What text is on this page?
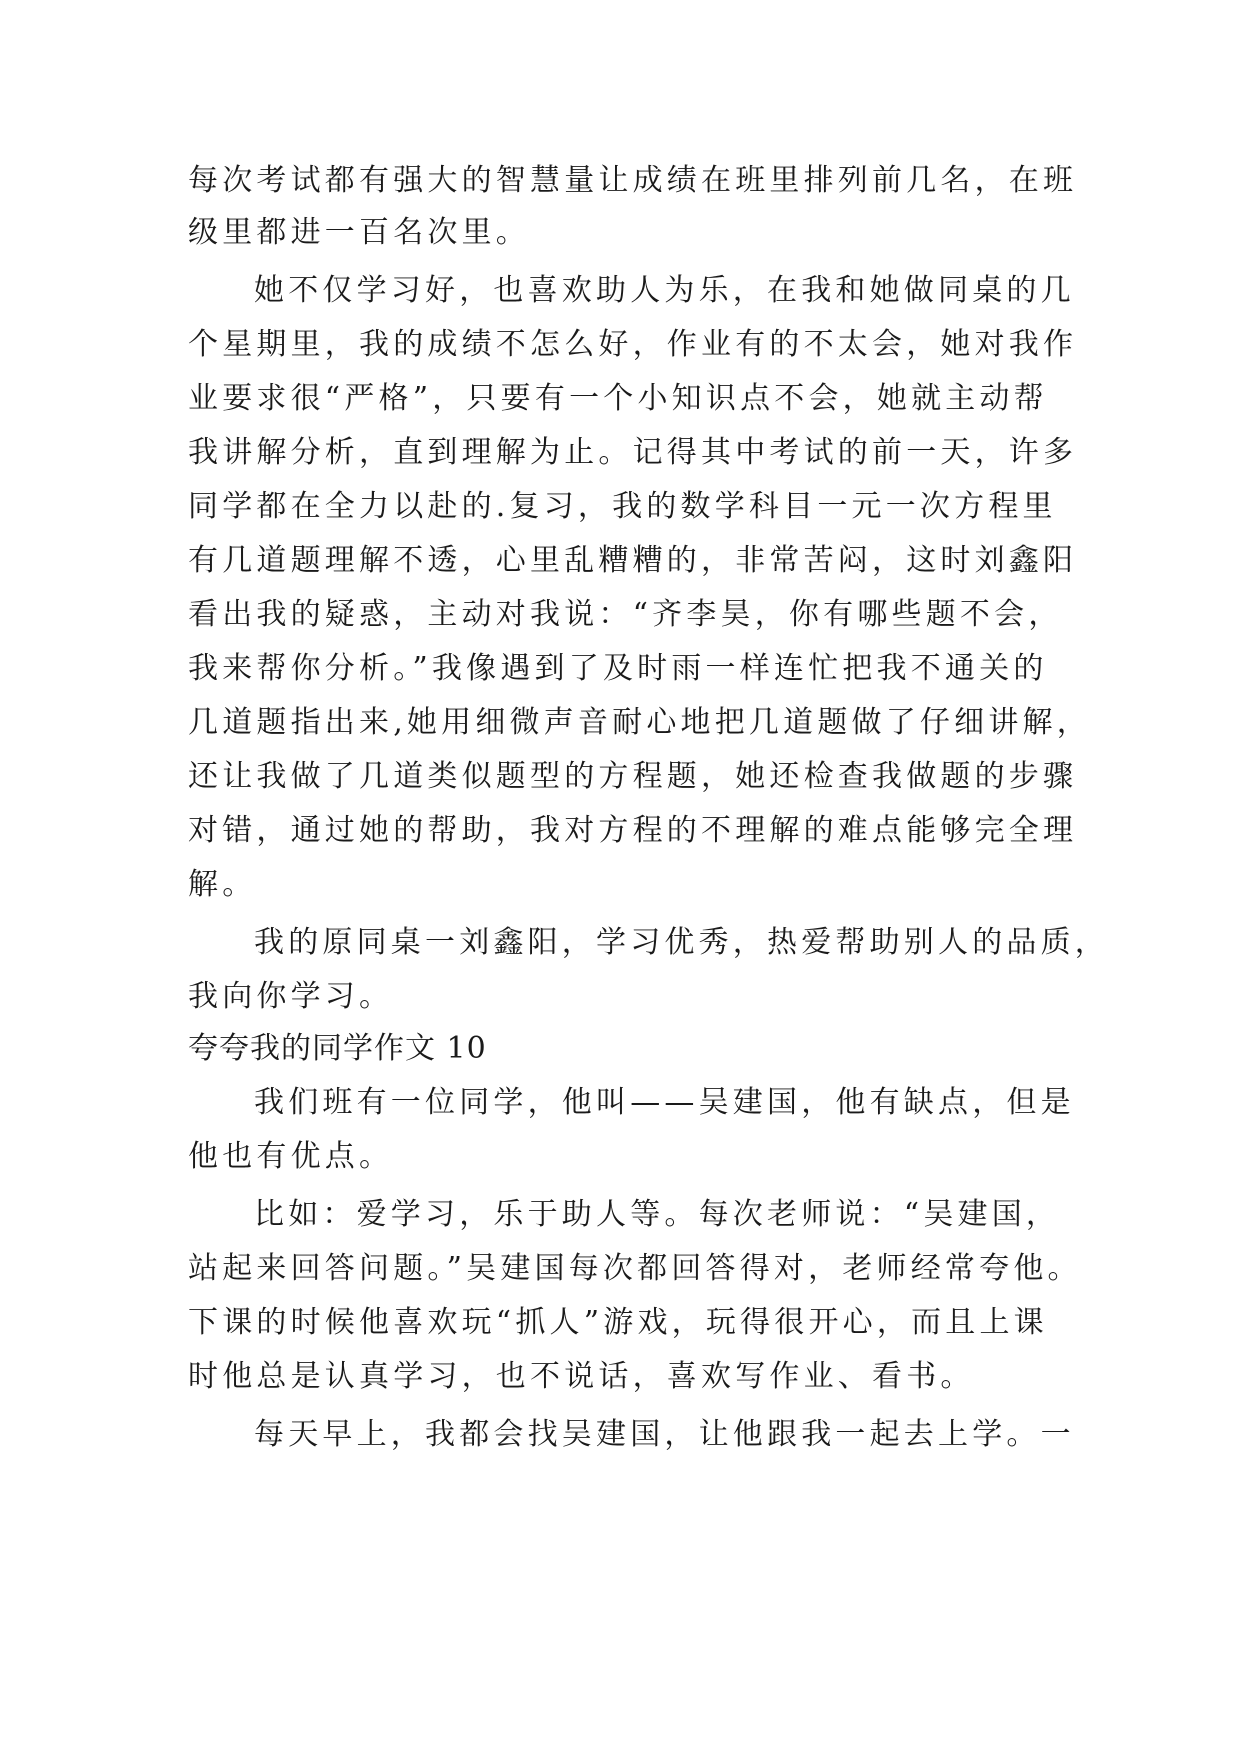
每次考试都有强大的智慧量让成绩在班里排列前几名，在班
级里都进一百名次里。
她不仅学习好，也喜欢助人为乐，在我和她做同桌的几
个星期里，我的成绩不怎么好，作业有的不太会，她对我作
业要求很“严格”，只要有一个小知识点不会，她就主动帮
我讲解分析，直到理解为止。记得其中考试的前一天，许多
同学都在全力以赴的.复习，我的数学科目一元一次方程里
有几道题理解不透，心里乱糟糟的，非常苦闷，这时刘鑫阳
看出我的疑惑，主动对我说：“齐李昊，你有哪些题不会，
我来帮你分析。”我像遇到了及时雨一样连忙把我不通关的
几道题指出来,她用细微声音耐心地把几道题做了仔细讲解，
还让我做了几道类似题型的方程题，她还检查我做题的步骤
对错，通过她的帮助，我对方程的不理解的难点能够完全理
解。
我的原同桌一刘鑫阳，学习优秀，热爱帮助别人的品质，
我向你学习。
夸夸我的同学作文 10
我们班有一位同学，他叫——吴建国，他有缺点，但是
他也有优点。
比如：爱学习，乐于助人等。每次老师说：“吴建国，
站起来回答问题。”吴建国每次都回答得对，老师经常夸他。
下课的时候他喜欢玩“抓人”游戏，玩得很开心，而且上课
时他总是认真学习，也不说话，喜欢写作业、看书。
每天早上，我都会找吴建国，让他跟我一起去上学。一
